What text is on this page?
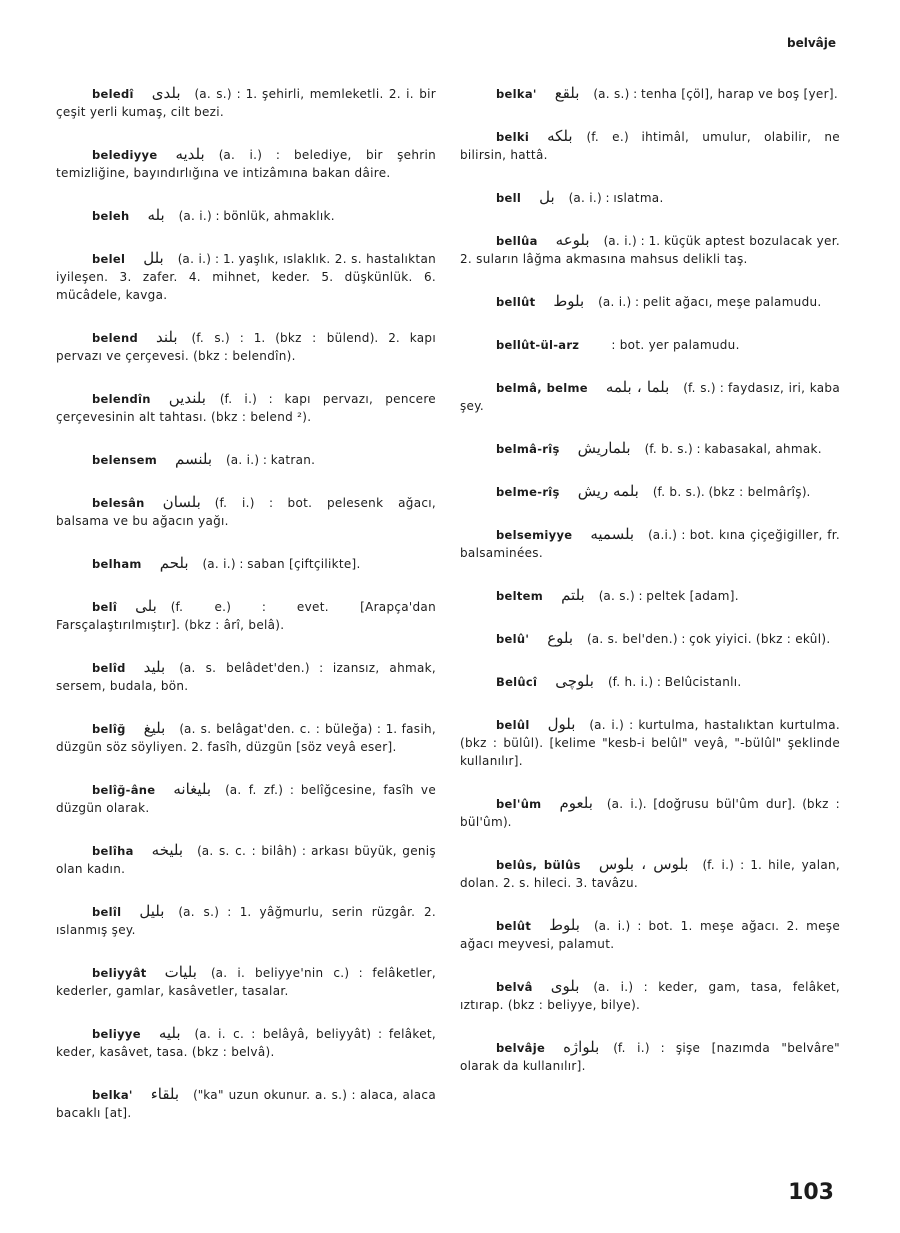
belvâje
beledî بلدى (a. s.) : 1. şehirli, memleketli. 2. i. bir çeşit yerli kumaş, cilt bezi.
belediyye بلديه (a. i.) : belediye, bir şehrin temizliğine, bayındırlığına ve intizâmına bakan dâire.
beleh بله (a. i.) : bönlük, ahmaklık.
belel بلل (a. i.) : 1. yaşlık, ıslaklık. 2. s. hastalıktan iyileşen. 3. zafer. 4. mihnet, keder. 5. düşkünlük. 6. mücâdele, kavga.
belend بلند (f. s.) : 1. (bkz : bülend). 2. kapı pervazı ve çerçevesi. (bkz : belendîn).
belendîn بلنديں (f. i.) : kapı pervazı, pencere çerçevesinin alt tahtası. (bkz : belend ²).
belensem بلنسم (a. i.) : katran.
belesân بلسان (f. i.) : bot. pelesenk ağacı, balsama ve bu ağacın yağı.
belham بلحم (a. i.) : saban [çiftçilikte].
belî بلى (f. e.) : evet. [Arapça'dan Farsçalaştırılmıştır]. (bkz : ârî, belâ).
belîd بليد (a. s. belâdet'den.) : izansız, ahmak, sersem, budala, bön.
belîğ بليغ (a. s. belâgat'den. c. : büleğa) : 1. fasih, düzgün söz söyliyen. 2. fasîh, düzgün [söz veyâ eser].
belîğ-âne بليغانه (a. f. zf.) : belîğcesine, fasîh ve düzgün olarak.
belîha بليخه (a. s. c. : bilâh) : arkası büyük, geniş olan kadın.
belîl بليل (a. s.) : 1. yâğmurlu, serin rüzgâr. 2. ıslanmış şey.
beliyyât بليات (a. i. beliyye'nin c.) : felâketler, kederler, gamlar, kasâvetler, tasalar.
beliyye بليه (a. i. c. : belâyâ, beliyyât) : felâket, keder, kasâvet, tasa. (bkz : belvâ).
belka' بلقاء ("ka" uzun okunur. a. s.) : alaca, alaca bacaklı [at].
belka' بلقع (a. s.) : tenha [çöl], harap ve boş [yer].
belki بلكه (f. e.) ihtimâl, umulur, olabilir, ne bilirsin, hattâ.
bell بل (a. i.) : ıslatma.
bellûa بلوعه (a. i.) : 1. küçük aptest bozulacak yer. 2. suların lâğma akmasına mahsus delikli taş.
bellût بلوط (a. i.) : pelit ağacı, meşe palamudu.
bellût-ül-arz	: bot. yer palamudu.
belmâ, belme بلما ، بلمه (f. s.) : faydasız, iri, kaba şey.
belmâ-rîş بلماريش (f. b. s.) : kabasakal, ahmak.
belme-rîş بلمه ريش (f. b. s.). (bkz : belmârîş).
belsemiyye بلسميه (a.i.) : bot. kına çiçeğigiller, fr. balsaminées.
beltem بلتم (a. s.) : peltek [adam].
belû' بلوع (a. s. bel'den.) : çok yiyici. (bkz : ekûl).
Belûcî بلوچى (f. h. i.) : Belûcistanlı.
belûl بلول (a. i.) : kurtulma, hastalıktan kurtulma. (bkz : bülûl). [kelime "kesb-i belûl" veyâ, "-bülûl" şeklinde kullanılır].
bel'ûm بلعوم (a. i.). [doğrusu bül'ûm dur]. (bkz : bül'ûm).
belûs, bülûs بلوس ، بلوس (f. i.) : 1. hile, yalan, dolan. 2. s. hileci. 3. tavâzu.
belût بلوط (a. i.) : bot. 1. meşe ağacı. 2. meşe ağacı meyvesi, palamut.
belvâ بلوى (a. i.) : keder, gam, tasa, felâket, ıztırap. (bkz : beliyye, bilye).
belvâje بلواژه (f. i.) : şişe [nazımda "belvâre" olarak da kullanılır].
103
